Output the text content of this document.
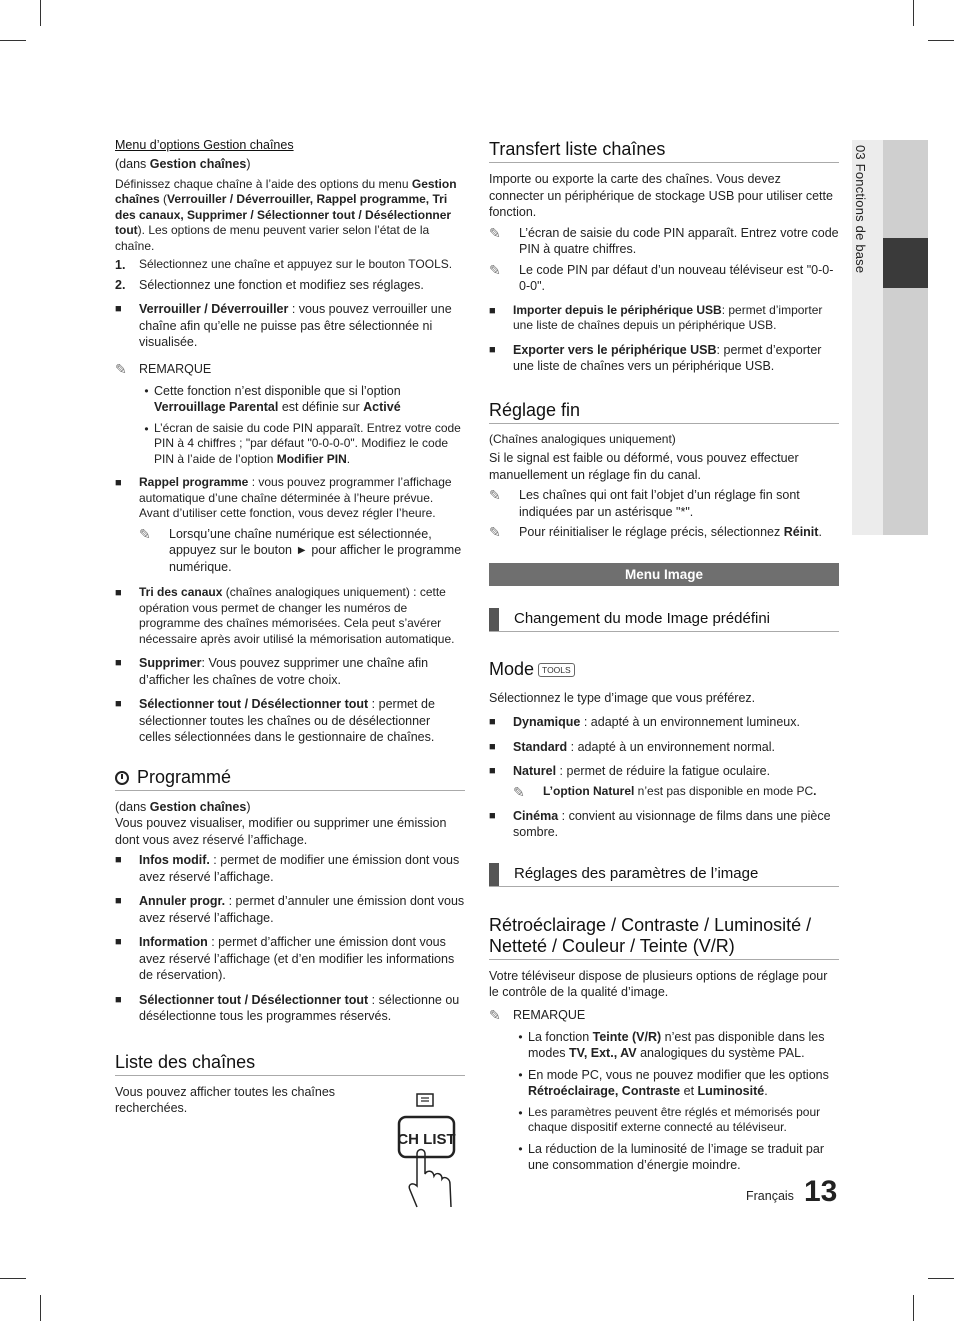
03 Fonctions de base
Menu d’options Gestion chaînes

(dans Gestion chaînes)

Définissez chaque chaîne à l’aide des options du menu Gestion chaînes (Verrouiller / Déverrouiller, Rappel programme, Tri des canaux, Supprimer / Sélectionner tout / Désélectionner tout). Les options de menu peuvent varier selon l’état de la chaîne.

1.	Sélectionnez une chaîne et appuyez sur le bouton TOOLS.
2.	Sélectionnez une fonction et modifiez ses réglages.
■	Verrouiller / Déverrouiller : vous pouvez verrouiller une chaîne afin qu’elle ne puisse pas être sélectionnée ni visualisée.

✎ REMARQUE
• Cette fonction n’est disponible que si l’option Verrouillage Parental est définie sur Activé

• L’écran de saisie du code PIN apparaît. Entrez votre code PIN à 4 chiffres ; "par défaut "0-0-0-0". Modifiez le code PIN à l’aide de l’option Modifier PIN.

■	Rappel programme : vous pouvez programmer l’affichage automatique d’une chaîne déterminée à l’heure prévue. Avant d’utiliser cette fonction, vous devez régler l’heure.

✎	Lorsqu’une chaîne numérique est sélectionnée, appuyez sur le bouton ► pour afficher le programme numérique.

■	Tri des canaux (chaînes analogiques uniquement) : cette opération vous permet de changer les numéros de programme des chaînes mémorisées. Cela peut s’avérer nécessaire après avoir utilisé la mémorisation automatique.

■	Supprimer: Vous pouvez supprimer une chaîne afin d’afficher les chaînes de votre choix.

■	Sélectionner tout / Désélectionner tout : permet de sélectionner toutes les chaînes ou de désélectionner celles sélectionnées dans le gestionnaire de chaînes.

Programmé

(dans Gestion chaînes)

Vous pouvez visualiser, modifier ou supprimer une émission dont vous avez réservé l’affichage.

■	Infos modif. : permet de modifier une émission dont vous avez réservé l’affichage.

■	Annuler progr. : permet d’annuler une émission dont vous avez réservé l’affichage.

■	Information : permet d’afficher une émission dont vous avez réservé l’affichage (et d’en modifier les informations de réservation).

■	Sélectionner tout / Désélectionner tout : sélectionne ou désélectionne tous les programmes réservés.

Liste des chaînes

Vous pouvez afficher toutes les chaînes recherchées.

CH LIST
Transfert liste chaînes

Importe ou exporte la carte des chaînes. Vous devez connecter un périphérique de stockage USB pour utiliser cette fonction.

✎	L’écran de saisie du code PIN apparaît. Entrez votre code PIN à quatre chiffres.

✎	Le code PIN par défaut d’un nouveau téléviseur est "0-0-0-0".

■	Importer depuis le périphérique USB: permet d’importer une liste de chaînes depuis un périphérique USB.

■	Exporter vers le périphérique USB: permet d’exporter une liste de chaînes vers un périphérique USB.

Réglage fin

(Chaînes analogiques uniquement)

Si le signal est faible ou déformé, vous pouvez effectuer manuellement un réglage fin du canal.

✎	Les chaînes qui ont fait l’objet d’un réglage fin sont indiquées par un astérisque "*".

✎	Pour réinitialiser le réglage précis, sélectionnez Réinit.

Menu Image
Changement du mode Image prédéfini
Mode TOOLS

Sélectionnez le type d’image que vous préférez.

■	Dynamique : adapté à un environnement lumineux.

■	Standard : adapté à un environnement normal.

■	Naturel : permet de réduire la fatigue oculaire.

✎	L’option Naturel n’est pas disponible en mode PC.

■	Cinéma : convient au visionnage de films dans une pièce sombre.

Réglages des paramètres de l’image
Rétroéclairage / Contraste / Luminosité / Netteté / Couleur / Teinte (V/R)

Votre téléviseur dispose de plusieurs options de réglage pour le contrôle de la qualité d’image.

✎ REMARQUE
• La fonction Teinte (V/R) n’est pas disponible dans les modes TV, Ext., AV analogiques du système PAL.

• En mode PC, vous ne pouvez modifier que les options Rétroéclairage, Contraste et Luminosité.

• Les paramètres peuvent être réglés et mémorisés pour chaque dispositif externe connecté au téléviseur.

• La réduction de la luminosité de l’image se traduit par une consommation d’énergie moindre.

Français 13
